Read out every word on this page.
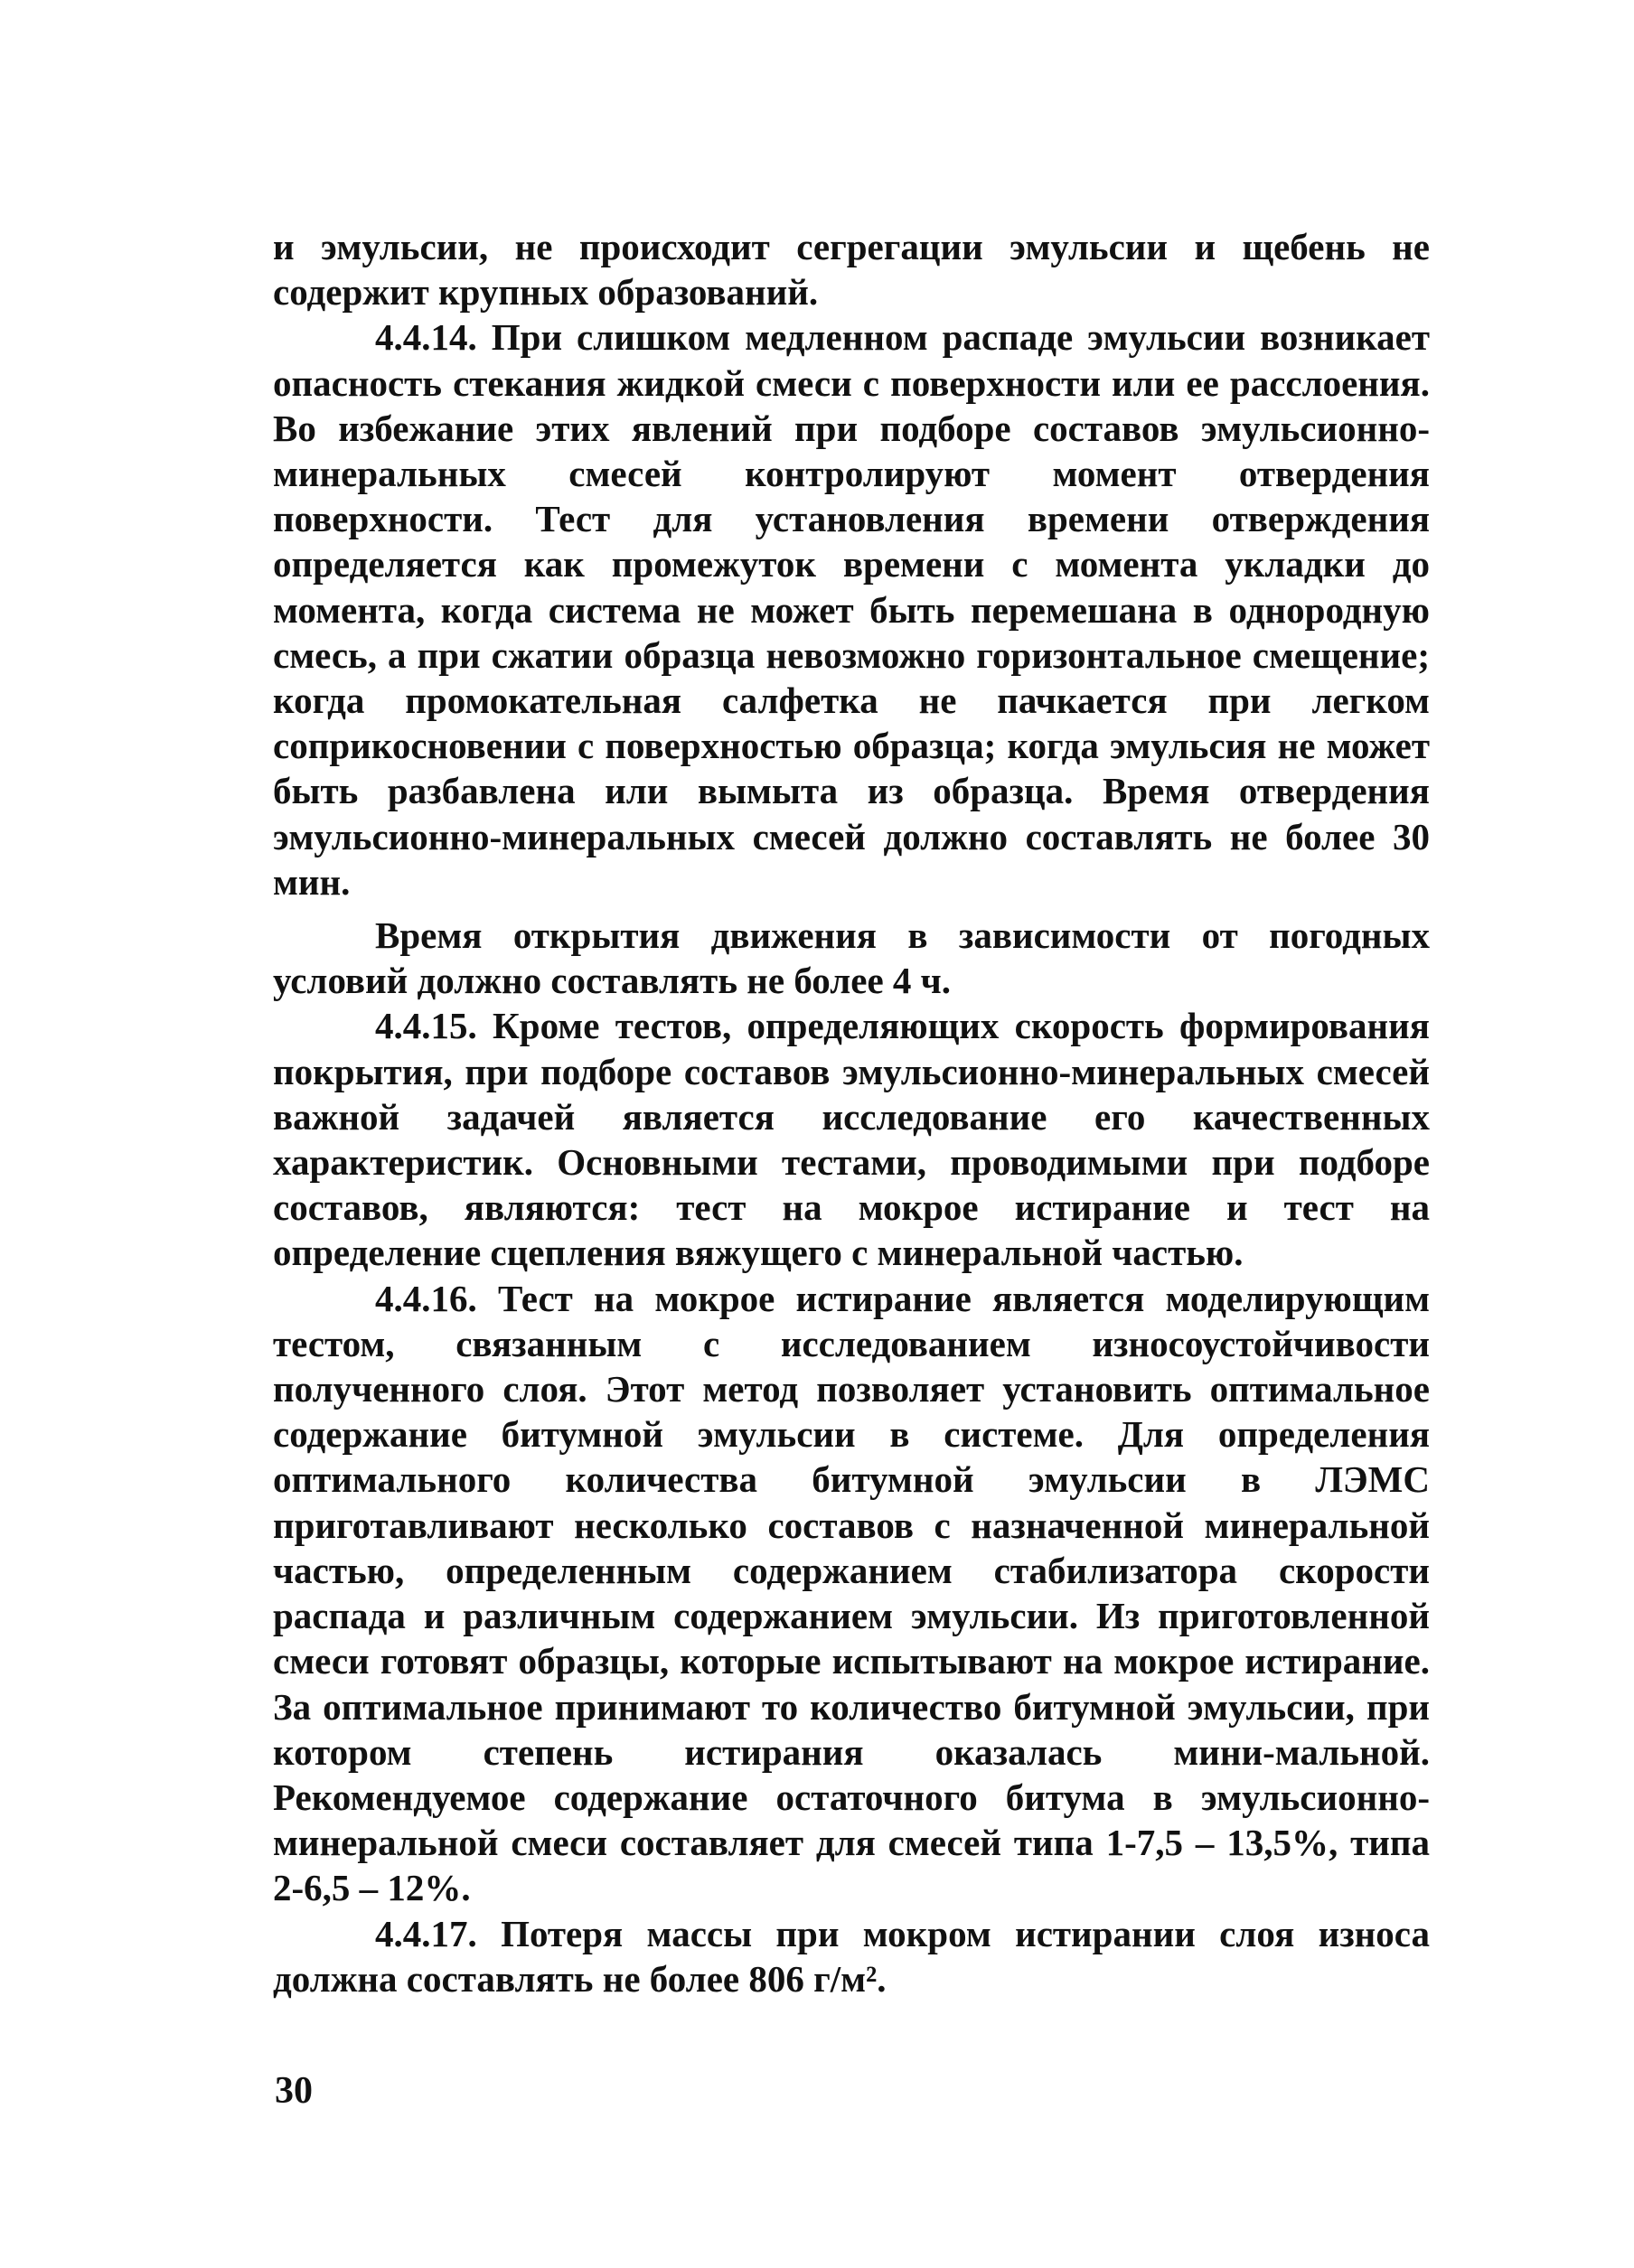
и эмульсии, не происходит сегрегации эмульсии и щебень не содержит крупных образований.

4.4.14. При слишком медленном распаде эмульсии возникает опасность стекания жидкой смеси с поверхности или ее расслоения. Во избежание этих явлений при подборе составов эмульсионно-минеральных смесей контролируют момент отвердения поверхности. Тест для установления времени отверждения определяется как промежуток времени с момента укладки до момента, когда система не может быть перемешана в однородную смесь, а при сжатии образца невозможно горизонтальное смещение; когда промокательная салфетка не пачкается при легком соприкосновении с поверхностью образца; когда эмульсия не может быть разбавлена или вымыта из образца. Время отвердения эмульсионно-минеральных смесей должно составлять не более 30 мин.

Время открытия движения в зависимости от погодных условий должно составлять не более 4 ч.

4.4.15. Кроме тестов, определяющих скорость формирования покрытия, при подборе составов эмульсионно-минеральных смесей важной задачей является исследование его качественных характеристик. Основными тестами, проводимыми при подборе составов, являются: тест на мокрое истирание и тест на определение сцепления вяжущего с минеральной частью.

4.4.16. Тест на мокрое истирание является моделирующим тестом, связанным с исследованием износоустойчивости полученного слоя. Этот метод позволяет установить оптимальное содержание битумной эмульсии в системе. Для определения оптимального количества битумной эмульсии в ЛЭМС приготавливают несколько составов с назначенной минеральной частью, определенным содержанием стабилизатора скорости распада и различным содержанием эмульсии. Из приготовленной смеси готовят образцы, которые испытывают на мокрое истирание. За оптимальное принимают то количество битумной эмульсии, при котором степень истирания оказалась мини-мальной. Рекомендуемое содержание остаточного битума в эмульсионно-минеральной смеси составляет для смесей типа 1-7,5 – 13,5%, типа 2-6,5 – 12%.

4.4.17. Потеря массы при мокром истирании слоя износа должна составлять не более 806 г/м².

30
